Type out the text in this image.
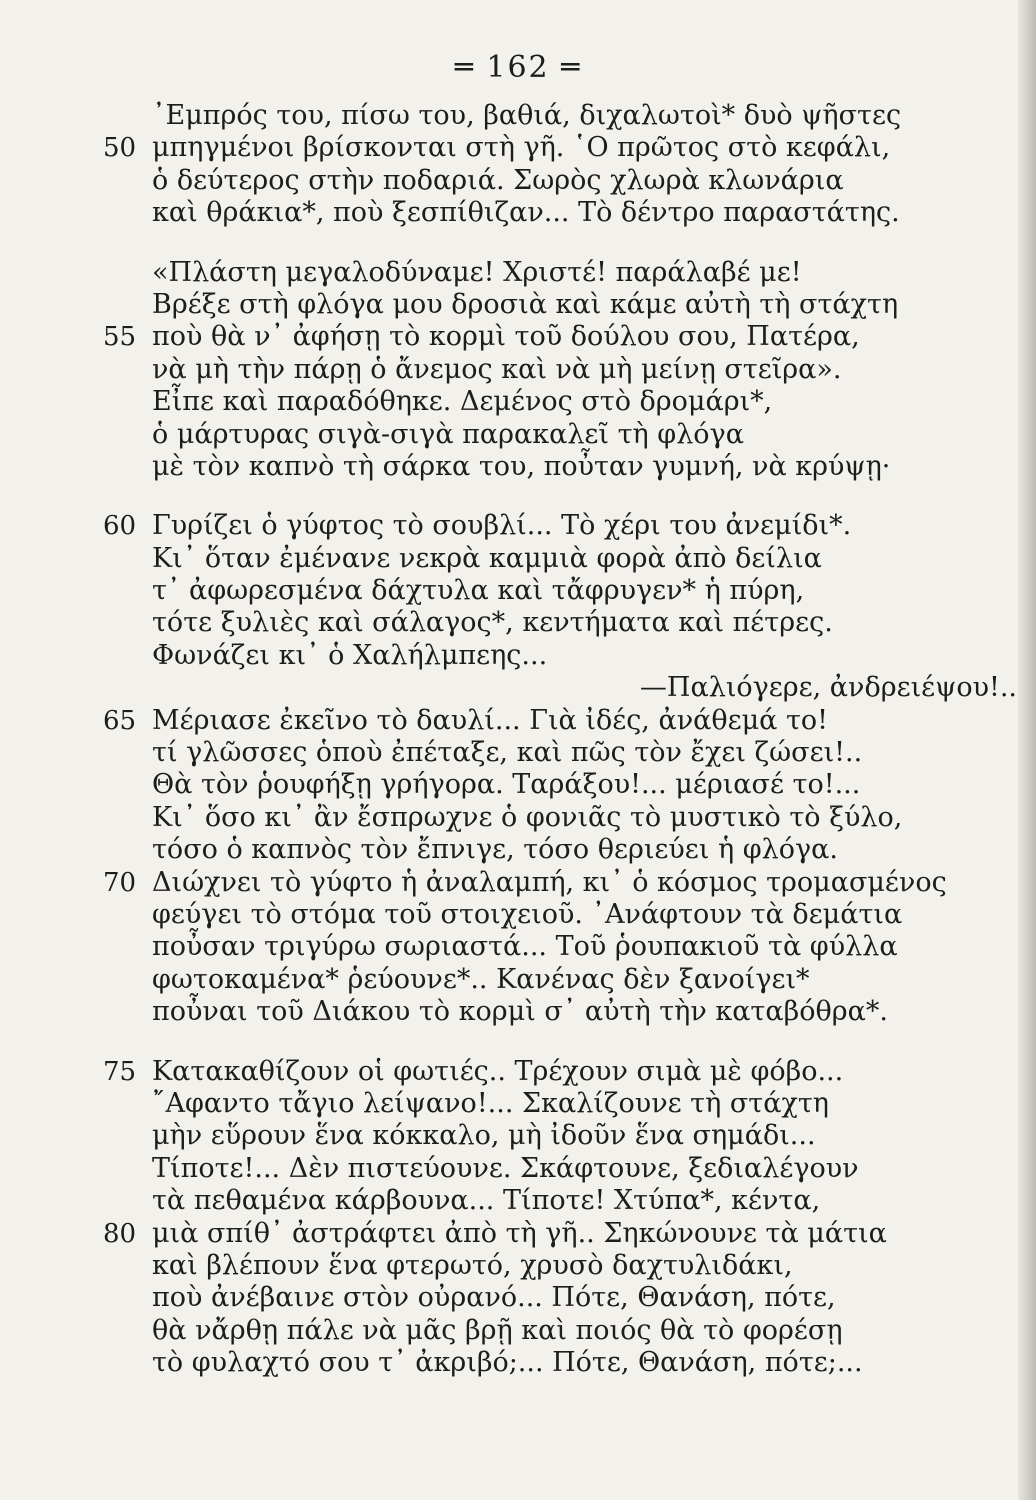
═ 162 ═
᾿Εμπρός του, πίσω του, βαθιά, διχαλωτοὶ* δυὸ ψῆστες
50 μπηγμένοι βρίσκονται στὴ γῆ. ῾Ο πρῶτος στὸ κεφάλι,
ὁ δεύτερος στὴν ποδαριά. Σωρὸς χλωρὰ κλωνάρια
καὶ θράκια*, ποὺ ξεσπίθιζαν... Τὸ δέντρο παραστάτης.
«Πλάστη μεγαλοδύναμε! Χριστέ! παράλαβέ με!
Βρέξε στὴ φλόγα μου δροσιὰ καὶ κάμε αὐτὴ τὴ στάχτη
55 ποὺ θὰ ν᾿ ἀφήσῃ τὸ κορμὶ τοῦ δούλου σου, Πατέρα,
νὰ μὴ τὴν πάρῃ ὁ ἄνεμος καὶ νὰ μὴ μείνῃ στεῖρα».
Εἶπε καὶ παραδόθηκε. Δεμένος στὸ δρομάρι*,
ὁ μάρτυρας σιγὰ-σιγὰ παρακαλεῖ τὴ φλόγα
μὲ τὸν καπνὸ τὴ σάρκα του, ποὖταν γυμνή, νὰ κρύψῃ·
60 Γυρίζει ὁ γύφτος τὸ σουβλί... Τὸ χέρι του ἀνεμίδι*.
Κι᾿ ὅταν ἐμένανε νεκρὰ καμμιὰ φορὰ ἀπὸ δείλια
τ᾿ ἀφωρεσμένα δάχτυλα καὶ τἄφρυγεν* ἡ πύρη,
τότε ξυλιὲς καὶ σάλαγος*, κεντήματα καὶ πέτρες.
Φωνάζει κι᾿ ὁ Χαλήλμπεης...
—Παλιόγερε, ἀνδρειέψου!..
65 Μέριασε ἐκεῖνο τὸ δαυλί... Γιὰ ἰδές, ἀνάθεμά το!
τί γλῶσσες ὁποὺ ἐπέταξε, καὶ πῶς τὸν ἔχει ζώσει!..
Θὰ τὸν ῥουφήξῃ γρήγορα. Ταράξου!... μέριασέ το!...
Κι᾿ ὅσο κι᾿ ἂν ἔσπρωχνε ὁ φονιᾶς τὸ μυστικὸ τὸ ξύλο,
τόσο ὁ καπνὸς τὸν ἔπνιγε, τόσο θεριεύει ἡ φλόγα.
70 Διώχνει τὸ γύφτο ἡ ἀναλαμπή, κι᾿ ὁ κόσμος τρομασμένος
φεύγει τὸ στόμα τοῦ στοιχειοῦ. ᾿Ανάφτουν τὰ δεμάτια
ποὖσαν τριγύρω σωριαστά... Τοῦ ῥουπακιοῦ τὰ φύλλα
φωτοκαμένα* ῥεύουνε*.. Κανένας δὲν ξανοίγει*
ποὖναι τοῦ Διάκου τὸ κορμὶ σ᾿ αὐτὴ τὴν καταβόθρα*.
75 Κατακαθίζουν οἱ φωτιές.. Τρέχουν σιμὰ μὲ φόβο...
῎Αφαντο τἄγιο λείψανο!... Σκαλίζουνε τὴ στάχτη
μὴν εὕρουν ἕνα κόκκαλο, μὴ ἰδοῦν ἕνα σημάδι...
Τίποτε!... Δὲν πιστεύουνε. Σκάφτουνε, ξεδιαλέγουν
τὰ πεθαμένα κάρβουνα... Τίποτε! Χτύπα*, κέντα,
80 μιὰ σπίθ᾿ ἀστράφτει ἀπὸ τὴ γῆ.. Σηκώνουνε τὰ μάτια
καὶ βλέπουν ἕνα φτερωτό, χρυσὸ δαχτυλιδάκι,
ποὺ ἀνέβαινε στὸν οὐρανό... Πότε, Θανάση, πότε,
θὰ νἄρθῃ πάλε νὰ μᾶς βρῇ καὶ ποιός θὰ τὸ φορέσῃ
τὸ φυλαχτό σου τ᾿ ἀκριβό;... Πότε, Θανάση, πότε;...
